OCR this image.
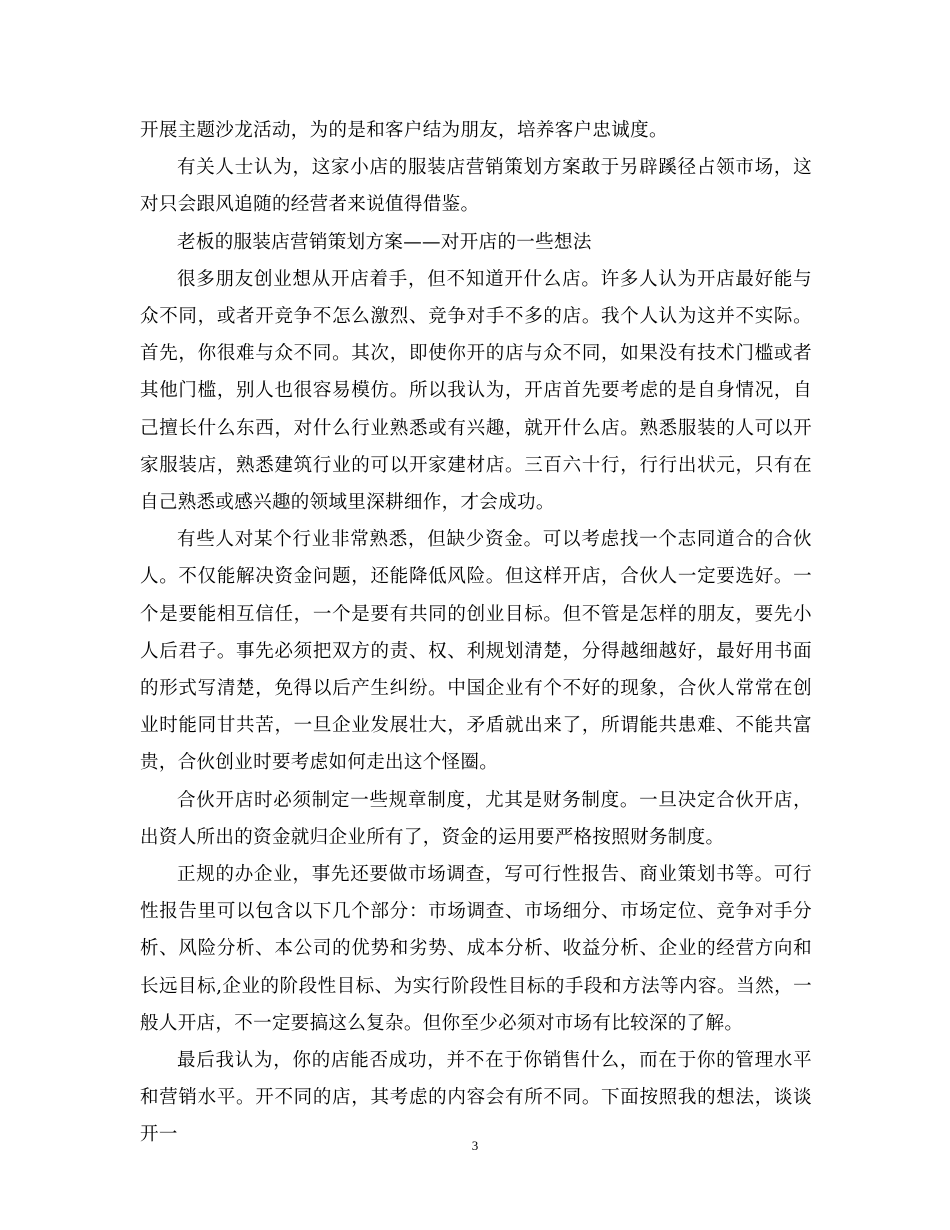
开展主题沙龙活动，为的是和客户结为朋友，培养客户忠诚度。

有关人士认为，这家小店的服装店营销策划方案敢于另辟蹊径占领市场，这对只会跟风追随的经营者来说值得借鉴。

老板的服装店营销策划方案——对开店的一些想法

很多朋友创业想从开店着手，但不知道开什么店。许多人认为开店最好能与众不同，或者开竞争不怎么激烈、竞争对手不多的店。我个人认为这并不实际。首先，你很难与众不同。其次，即使你开的店与众不同，如果没有技术门槛或者其他门槛，别人也很容易模仿。所以我认为，开店首先要考虑的是自身情况，自己擅长什么东西，对什么行业熟悉或有兴趣，就开什么店。熟悉服装的人可以开家服装店，熟悉建筑行业的可以开家建材店。三百六十行，行行出状元，只有在自己熟悉或感兴趣的领域里深耕细作，才会成功。

有些人对某个行业非常熟悉，但缺少资金。可以考虑找一个志同道合的合伙人。不仅能解决资金问题，还能降低风险。但这样开店，合伙人一定要选好。一个是要能相互信任，一个是要有共同的创业目标。但不管是怎样的朋友，要先小人后君子。事先必须把双方的责、权、利规划清楚，分得越细越好，最好用书面的形式写清楚，免得以后产生纠纷。中国企业有个不好的现象，合伙人常常在创业时能同甘共苦，一旦企业发展壮大，矛盾就出来了，所谓能共患难、不能共富贵，合伙创业时要考虑如何走出这个怪圈。

合伙开店时必须制定一些规章制度，尤其是财务制度。一旦决定合伙开店，出资人所出的资金就归企业所有了，资金的运用要严格按照财务制度。

正规的办企业，事先还要做市场调查，写可行性报告、商业策划书等。可行性报告里可以包含以下几个部分：市场调查、市场细分、市场定位、竞争对手分析、风险分析、本公司的优势和劣势、成本分析、收益分析、企业的经营方向和长远目标,企业的阶段性目标、为实行阶段性目标的手段和方法等内容。当然，一般人开店，不一定要搞这么复杂。但你至少必须对市场有比较深的了解。

最后我认为，你的店能否成功，并不在于你销售什么，而在于你的管理水平和营销水平。开不同的店，其考虑的内容会有所不同。下面按照我的想法，谈谈开一

3
